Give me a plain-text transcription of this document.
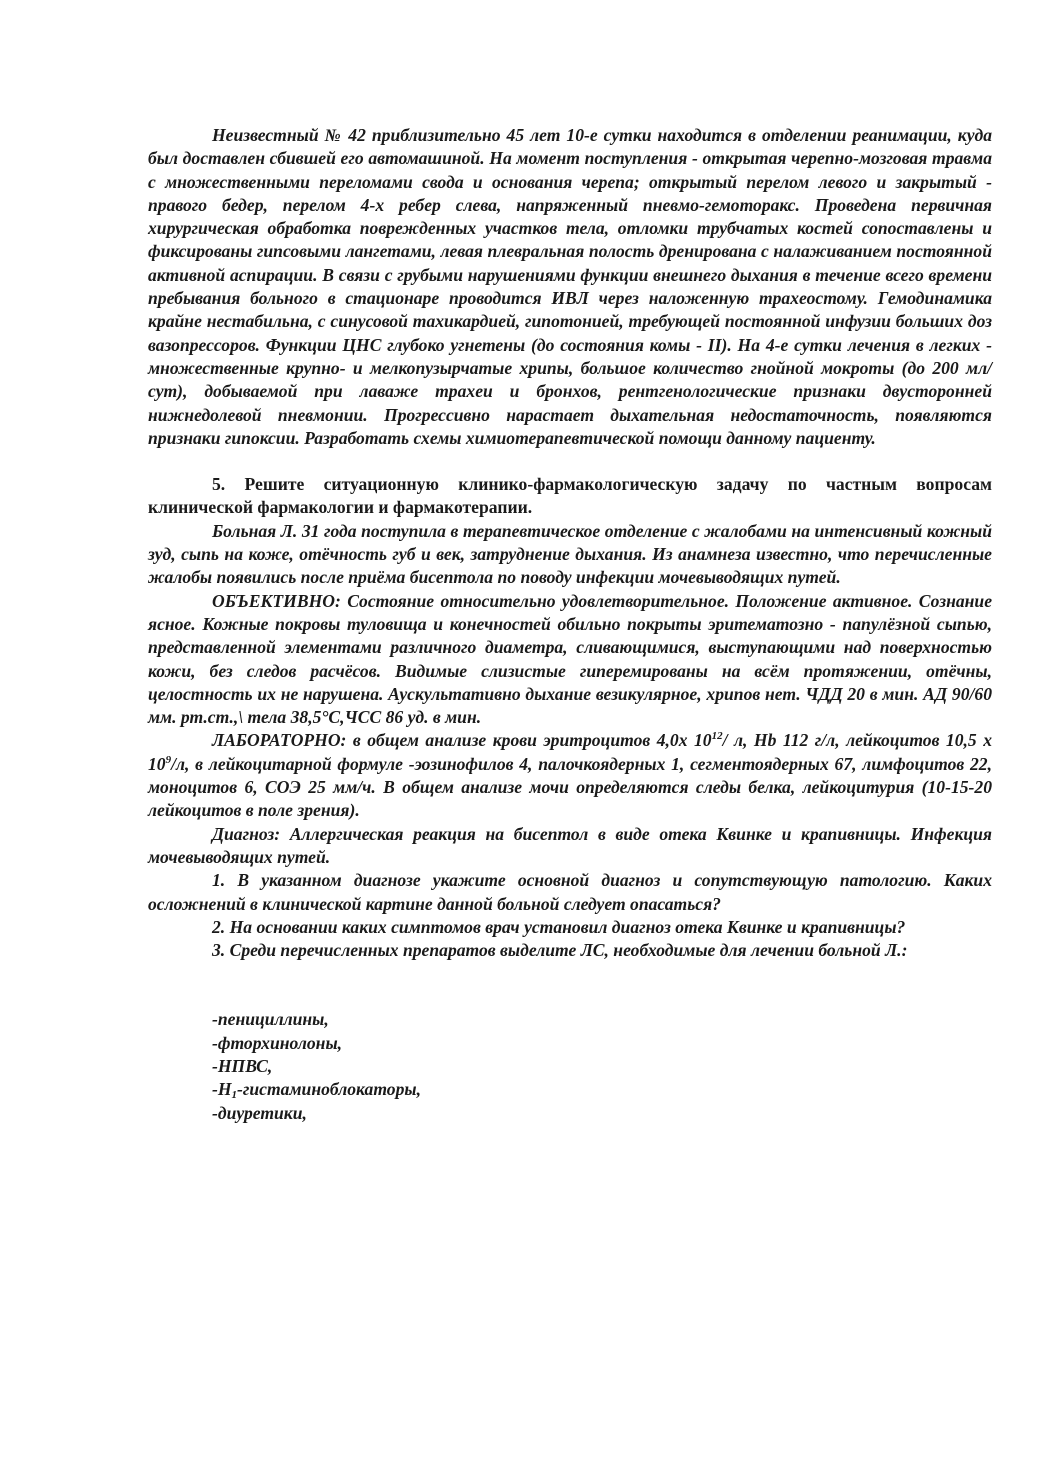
Неизвестный № 42 приблизительно 45 лет 10-е сутки находится в отделении реанимации, куда был доставлен сбившей его автомашиной. На момент поступления - открытая черепно-мозговая травма с множественными переломами свода и основания черепа; открытый перелом левого и закрытый - правого бедер, перелом 4-х ребер слева, напряженный пневмо-гемоторакс. Проведена первичная хирургическая обработка поврежденных участков тела, отломки трубчатых костей сопоставлены и фиксированы гипсовыми лангетами, левая плевральная полость дренирована с налаживанием постоянной активной аспирации. В связи с грубыми нарушениями функции внешнего дыхания в течение всего времени пребывания больного в стационаре проводится ИВЛ через наложенную трахеостому. Гемодинамика крайне нестабильна, с синусовой тахикардией, гипотонией, требующей постоянной инфузии больших доз вазопрессоров. Функции ЦНС глубоко угнетены (до состояния комы - II). На 4-е сутки лечения в легких - множественные крупно- и мелкопузырчатые хрипы, большое количество гнойной мокроты (до 200 мл/сут), добываемой при лаваже трахеи и бронхов, рентгенологические признаки двусторонней нижнедолевой пневмонии. Прогрессивно нарастает дыхательная недостаточность, появляются признаки гипоксии. Разработать схемы химиотерапевтической помощи данному пациенту.

5. Решите ситуационную клинико-фармакологическую задачу по частным вопросам клинической фармакологии и фармакотерапии.

Больная Л. 31 года поступила в терапевтическое отделение с жалобами на интенсивный кожный зуд, сыпь на коже, отёчность губ и век, затруднение дыхания. Из анамнеза известно, что перечисленные жалобы появились после приёма бисептола по поводу инфекции мочевыводящих путей.

ОБЪЕКТИВНО: Состояние относительно удовлетворительное. Положение активное. Сознание ясное. Кожные покровы туловища и конечностей обильно покрыты эритематозно - папулёзной сыпью, представленной элементами различного диаметра, сливающимися, выступающими над поверхностью кожи, без следов расчёсов. Видимые слизистые гиперемированы на всём протяжении, отёчны, целостность их не нарушена. Аускультативно дыхание везикулярное, хрипов нет. ЧДД 20 в мин. АД 90/60 мм. рт.ст.,\ тела 38,5°С,ЧСС 86 уд. в мин.

ЛАБОРАТОРНО: в общем анализе крови эритроцитов 4,0х $10^{12}/$ л, Hb 112 г/л, лейкоцитов 10,5 х $10^9/л$, в лейкоцитарной формуле -эозинофилов 4, палочкоядерных 1, сегментоядерных 67, лимфоцитов 22, моноцитов 6, СОЭ 25 мм/ч. В общем анализе мочи определяются следы белка, лейкоцитурия (10-15-20 лейкоцитов в поле зрения).

Диагноз: Аллергическая реакция на бисептол в виде отека Квинке и крапивницы. Инфекция мочевыводящих путей.

1. В указанном диагнозе укажите основной диагноз и сопутствующую патологию. Каких осложнений в клинической картине данной больной следует опасаться?

2. На основании каких симптомов врач установил диагноз отека Квинке и крапивницы?

3. Среди перечисленных препаратов выделите ЛС, необходимые для лечении больной Л.:

-пенициллины,
-фторхинолоны,
-НПВС,
$-Н_1$-гистаминоблокаторы,
-диуретики,
